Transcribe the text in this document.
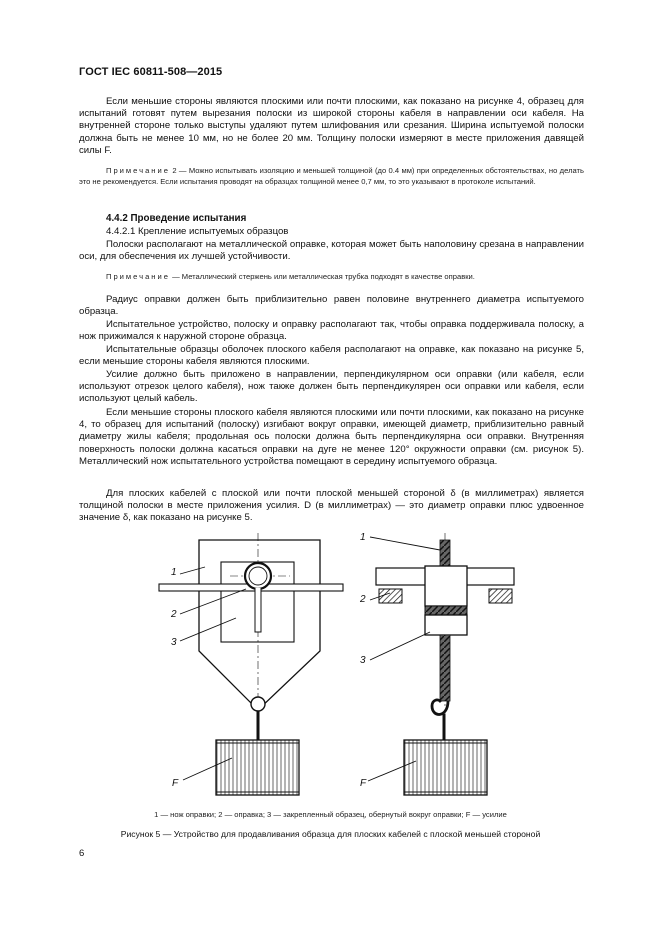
ГОСТ IEC 60811-508—2015
Если меньшие стороны являются плоскими или почти плоскими, как показано на рисунке 4, образец для испытаний готовят путем вырезания полоски из широкой стороны кабеля в направлении оси кабеля. На внутренней стороне только выступы удаляют путем шлифования или срезания. Ширина испытуемой полоски должна быть не менее 10 мм, но не более 20 мм. Толщину полоски измеряют в месте приложения давящей силы F.
Примечание 2 — Можно испытывать изоляцию и меньшей толщиной (до 0.4 мм) при определенных обстоятельствах, но делать это не рекомендуется. Если испытания проводят на образцах толщиной менее 0,7 мм, то это указывают в протоколе испытаний.
4.4.2 Проведение испытания
4.4.2.1 Крепление испытуемых образцов
Полоски располагают на металлической оправке, которая может быть наполовину срезана в направлении оси, для обеспечения их лучшей устойчивости.
Примечание — Металлический стержень или металлическая трубка подходят в качестве оправки.
Радиус оправки должен быть приблизительно равен половине внутреннего диаметра испытуемого образца.
Испытательное устройство, полоску и оправку располагают так, чтобы оправка поддерживала полоску, а нож прижимался к наружной стороне образца.
Испытательные образцы оболочек плоского кабеля располагают на оправке, как показано на рисунке 5, если меньшие стороны кабеля являются плоскими.
Усилие должно быть приложено в направлении, перпендикулярном оси оправки (или кабеля, если используют отрезок целого кабеля), нож также должен быть перпендикулярен оси оправки или кабеля, если используют целый кабель.
Если меньшие стороны плоского кабеля являются плоскими или почти плоскими, как показано на рисунке 4, то образец для испытаний (полоску) изгибают вокруг оправки, имеющей диаметр, приблизительно равный диаметру жилы кабеля; продольная ось полоски должна быть перпендикулярна оси оправки. Внутренняя поверхность полоски должна касаться оправки на дуге не менее 120° окружности оправки (см. рисунок 5). Металлический нож испытательного устройства помещают в середину испытуемого образца.
Для плоских кабелей с плоской или почти плоской меньшей стороной δ (в миллиметрах) является толщиной полоски в месте приложения усилия. D (в миллиметрах) — это диаметр оправки плюс удвоенное значение δ, как показано на рисунке 5.
1
2
3
F
1
2
3
F
1 — нож оправки; 2 — оправка; 3 — закрепленный образец, обернутый вокруг оправки; F — усилие
Рисунок 5 — Устройство для продавливания образца для плоских кабелей с плоской меньшей стороной
6
